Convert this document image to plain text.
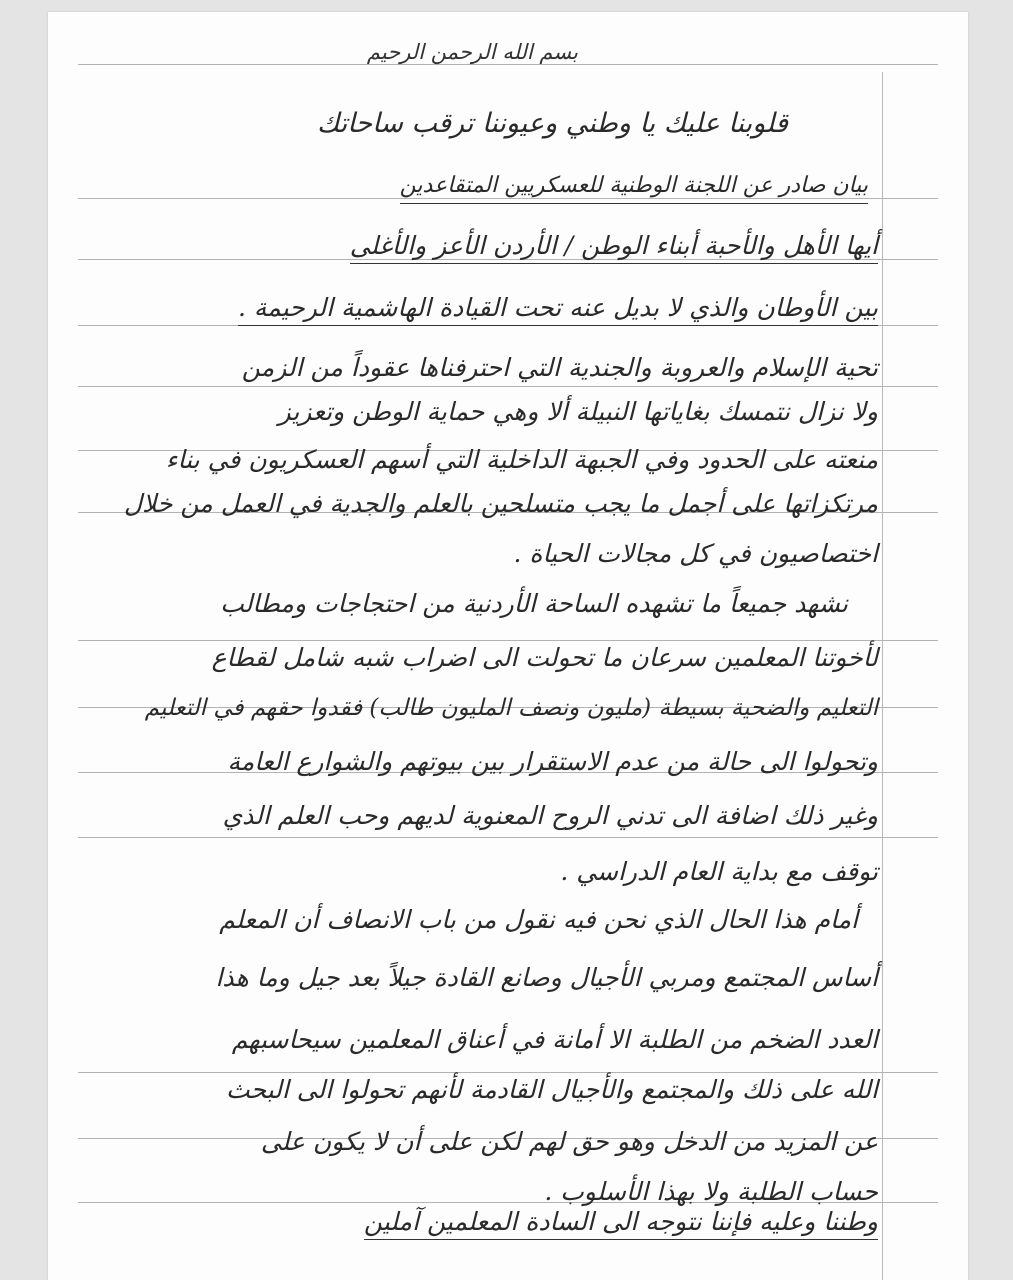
بسم الله الرحمن الرحيم
قلوبنا عليك يا وطني وعيوننا ترقب ساحاتك
بيان صادر عن اللجنة الوطنية للعسكريين المتقاعدين
أيها الأهل والأحبة أبناء الوطن / الأردن الأعز والأغلى
بين الأوطان والذي لا بديل عنه تحت القيادة الهاشمية الرحيمة .
تحية الإسلام والعروبة والجندية التي احترفناها عقوداً من الزمن
ولا نزال نتمسك بغاياتها النبيلة ألا وهي حماية الوطن وتعزيز
منعته على الحدود وفي الجبهة الداخلية التي أسهم العسكريون في بناء
مرتكزاتها على أجمل ما يجب متسلحين بالعلم والجدية في العمل من خلال
اختصاصيون في كل مجالات الحياة .
نشهد جميعاً ما تشهده الساحة الأردنية من احتجاجات ومطالب
لأخوتنا المعلمين سرعان ما تحولت الى اضراب شبه شامل لقطاع
التعليم والضحية بسيطة (مليون ونصف المليون طالب) فقدوا حقهم في التعليم
وتحولوا الى حالة من عدم الاستقرار بين بيوتهم والشوارع العامة
وغير ذلك اضافة الى تدني الروح المعنوية لديهم وحب العلم الذي
توقف مع بداية العام الدراسي .
أمام هذا الحال الذي نحن فيه نقول من باب الانصاف أن المعلم
أساس المجتمع ومربي الأجيال وصانع القادة جيلاً بعد جيل وما هذا
العدد الضخم من الطلبة الا أمانة في أعناق المعلمين سيحاسبهم
الله على ذلك والمجتمع والأجيال القادمة لأنهم تحولوا الى البحث
عن المزيد من الدخل وهو حق لهم لكن على أن لا يكون على
حساب الطلبة ولا بهذا الأسلوب .
وطننا وعليه فإننا نتوجه الى السادة المعلمين آملين
